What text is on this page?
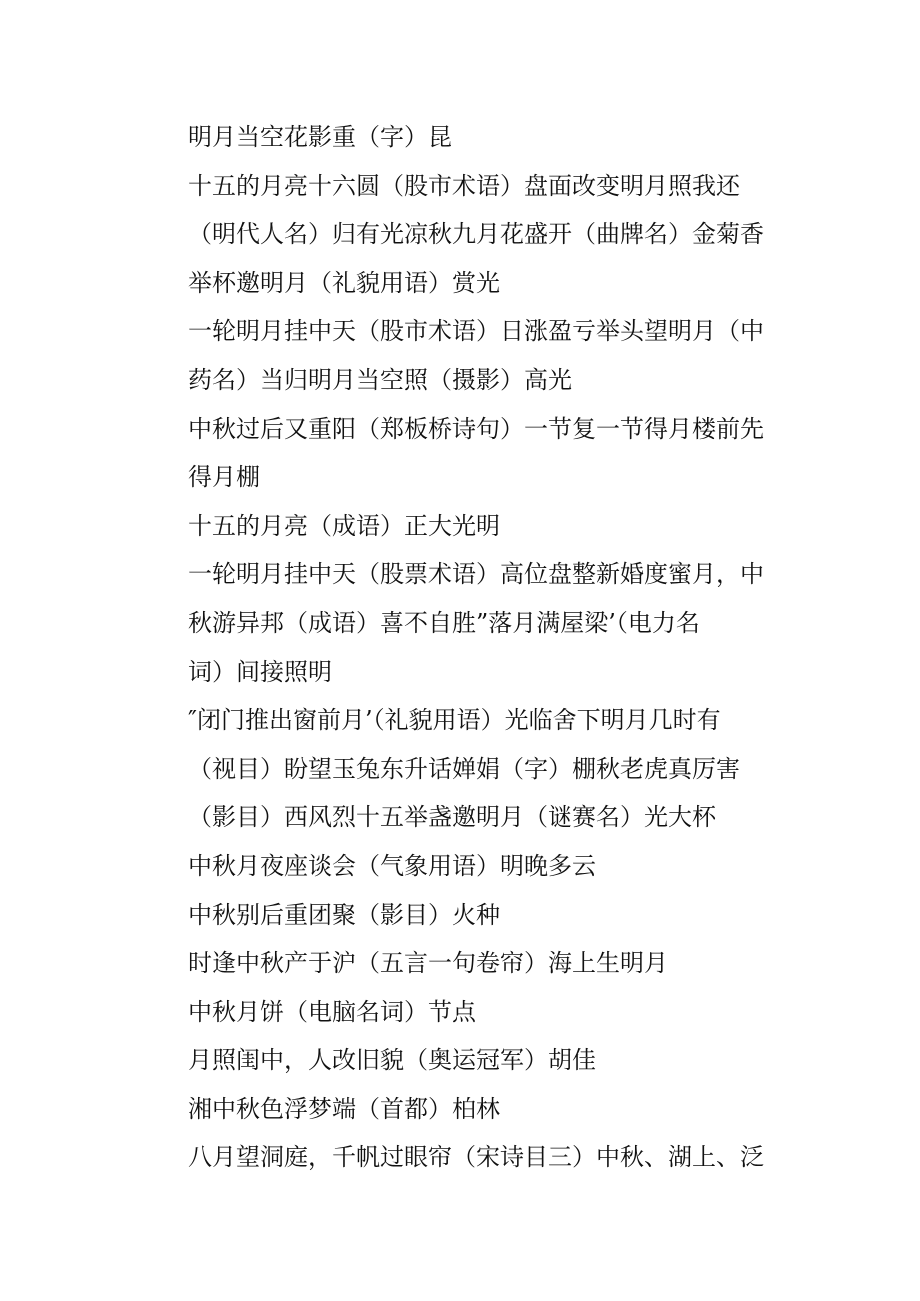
明月当空花影重（字）昆
十五的月亮十六圆（股市术语）盘面改变明月照我还
（明代人名）归有光凉秋九月花盛开（曲牌名）金菊香
举杯邀明月（礼貌用语）赏光
一轮明月挂中天（股市术语）日涨盈亏举头望明月（中
药名）当归明月当空照（摄影）高光
中秋过后又重阳（郑板桥诗句）一节复一节得月楼前先
得月棚
十五的月亮（成语）正大光明
一轮明月挂中天（股票术语）高位盘整新婚度蜜月，中
秋游异邦（成语）喜不自胜”落月满屋梁’（电力名
词）间接照明
″闭门推出窗前月’（礼貌用语）光临舍下明月几时有
（视目）盼望玉兔东升话婵娟（字）棚秋老虎真厉害
（影目）西风烈十五举盏邀明月（谜赛名）光大杯
中秋月夜座谈会（气象用语）明晚多云
中秋别后重团聚（影目）火种
时逢中秋产于沪（五言一句卷帘）海上生明月
中秋月饼（电脑名词）节点
月照闺中，人改旧貌（奥运冠军）胡佳
湘中秋色浮梦端（首都）柏林
八月望洞庭，千帆过眼帘（宋诗目三）中秋、湖上、泛
